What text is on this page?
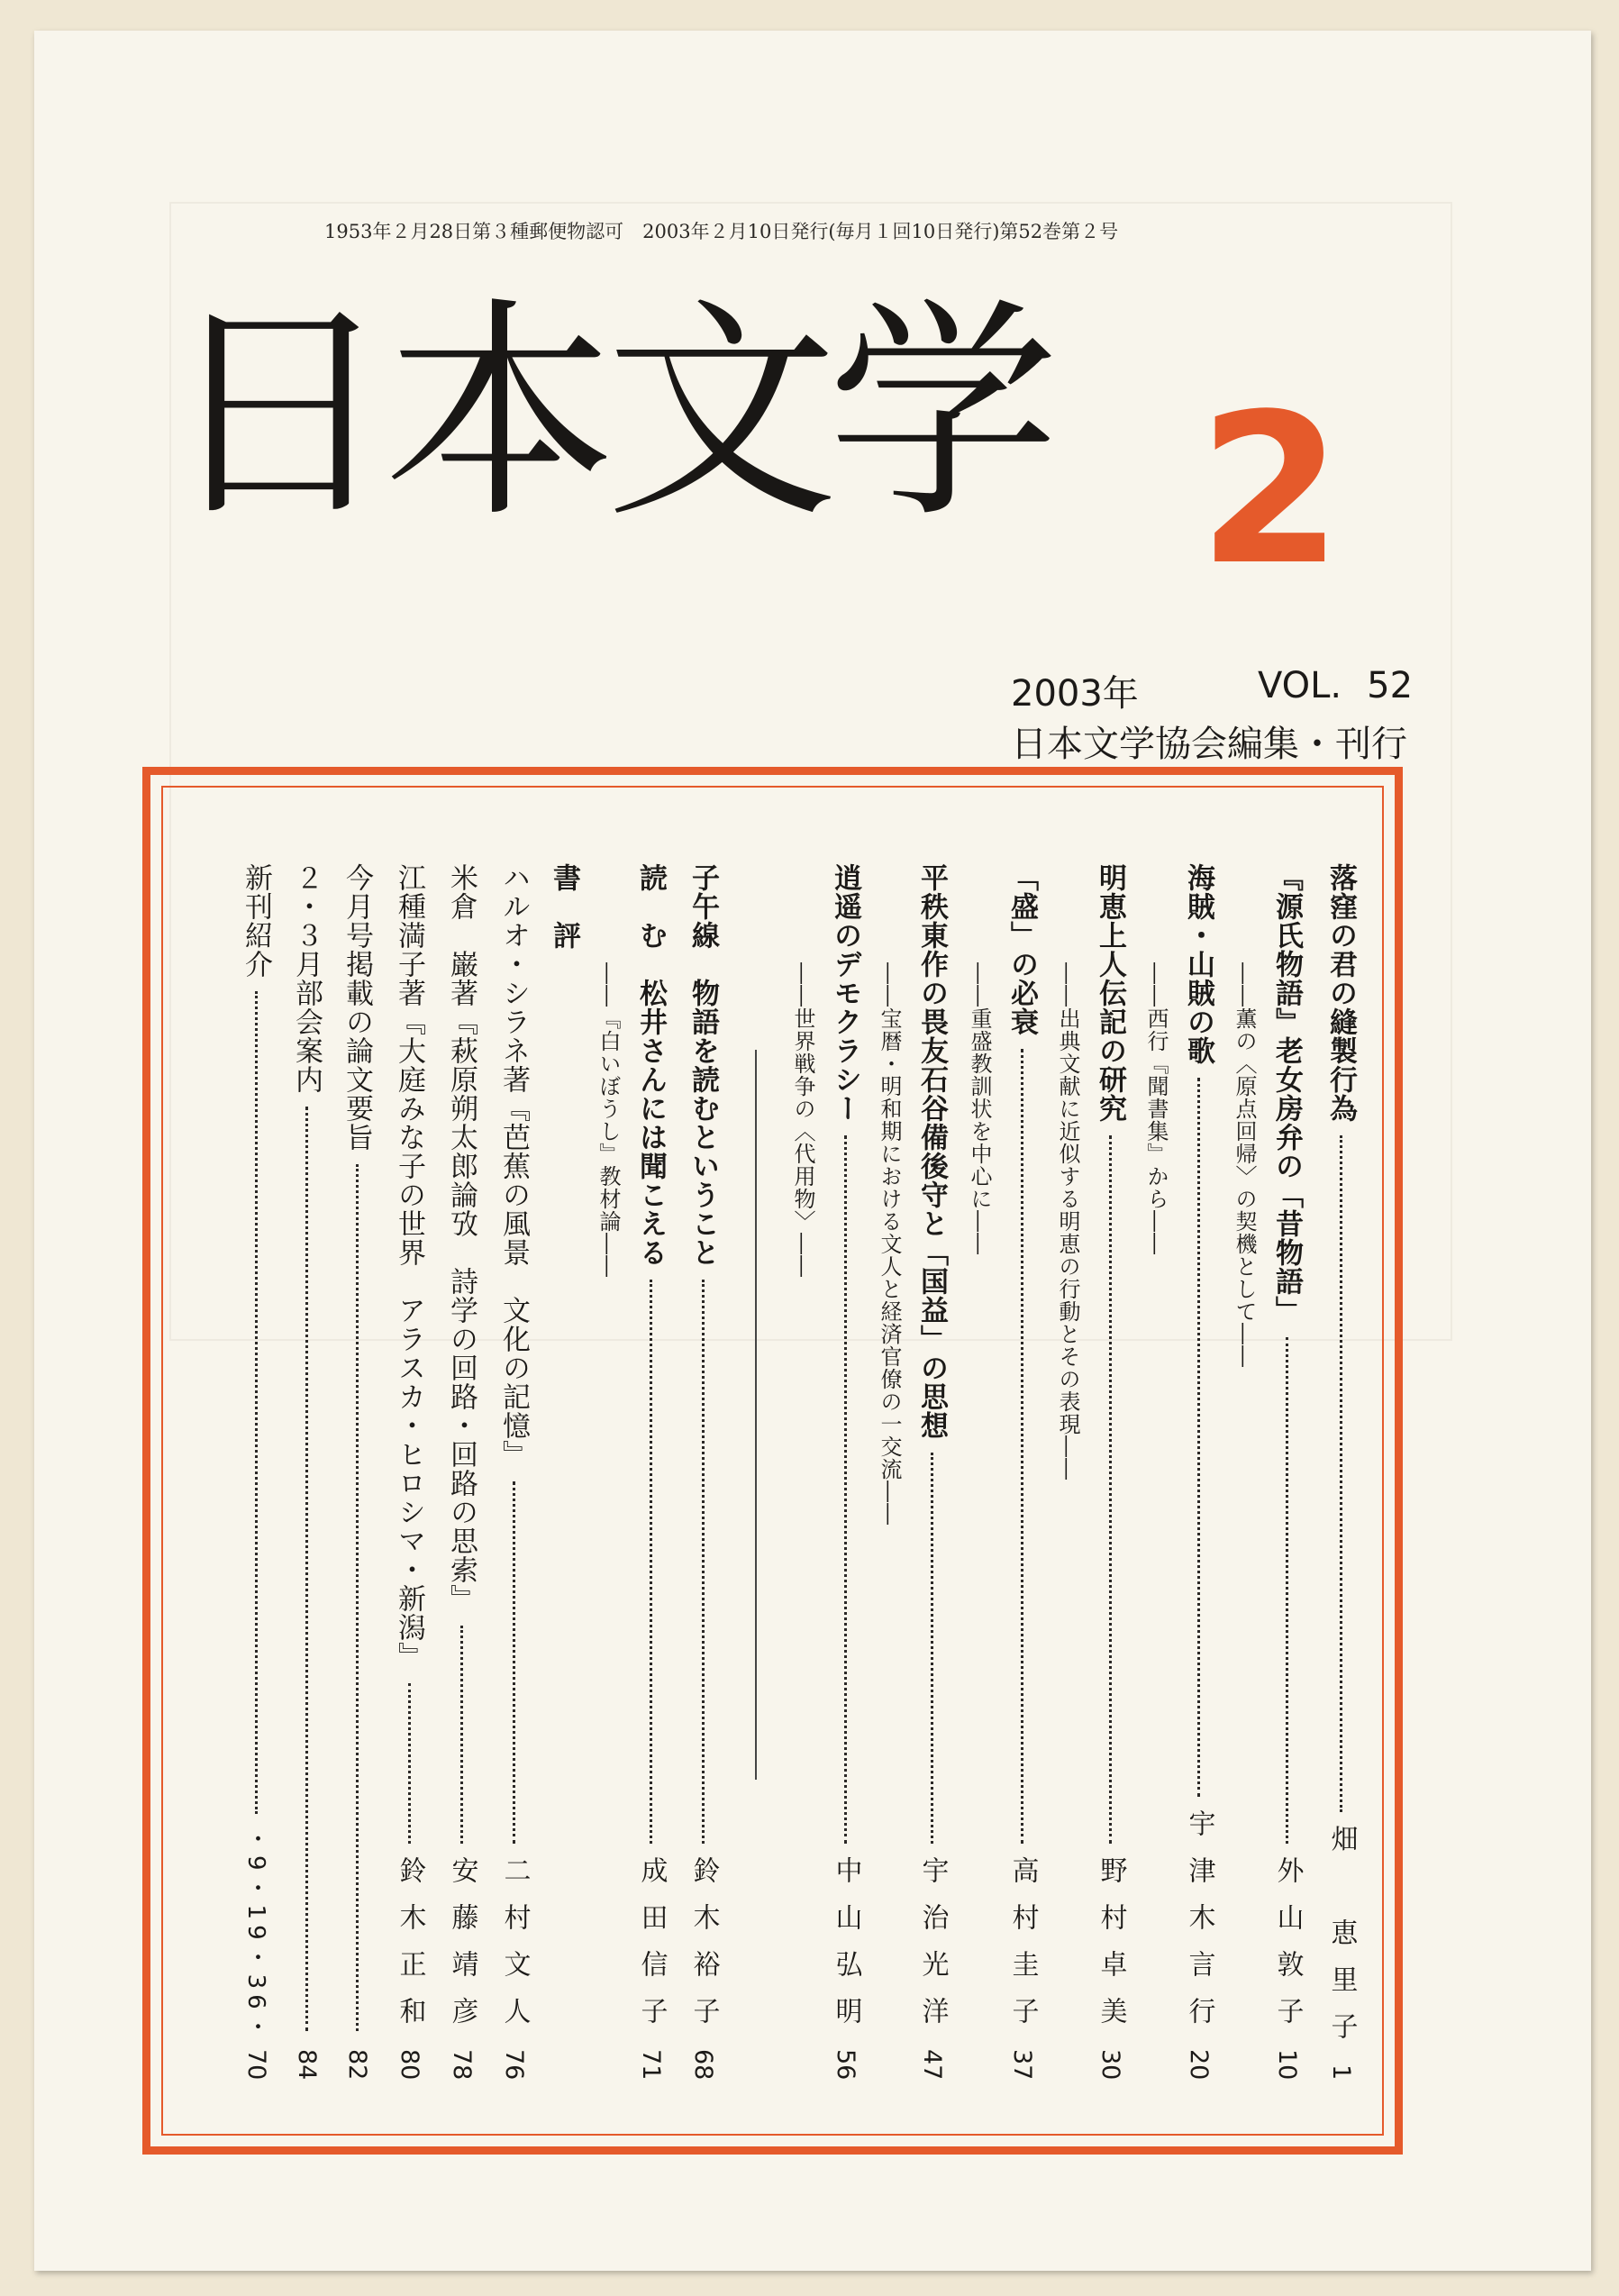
1953年２月28日第３種郵便物認可　2003年２月10日発行(毎月１回10日発行)第52巻第２号
日本文学 2
2003年	VOL. 52
日本文学協会編集・刊行
落窪の君の縫製行為
畑　恵里子
1
『源氏物語』老女房弁の「昔物語」
外山敦子
10
――薫の〈原点回帰〉の契機として――
海賊・山賊の歌
宇津木言行
20
――西行『聞書集』から――
明恵上人伝記の研究
野村卓美
30
――出典文献に近似する明恵の行動とその表現――
「盛」の必衰
高村圭子
37
――重盛教訓状を中心に――
平秩東作の畏友石谷備後守と「国益」の思想
宇治光洋
47
――宝暦・明和期における文人と経済官僚の一交流――
逍遥のデモクラシー
中山弘明
56
――世界戦争の〈代用物〉――
子午線　物語を読むということ
鈴木裕子
68
読　む　松井さんには聞こえる
成田信子
71
――『白いぼうし』教材論――
書　評
ハルオ・シラネ著『芭蕉の風景　文化の記憶』
二村文人
76
米倉　巌著『萩原朔太郎論攷　詩学の回路・回路の思索』
安藤靖彦
78
江種満子著『大庭みな子の世界　アラスカ・ヒロシマ・新潟』
鈴木正和
80
今月号掲載の論文要旨
82
２・３月部会案内
84
新刊紹介
・9・19・36・
70
